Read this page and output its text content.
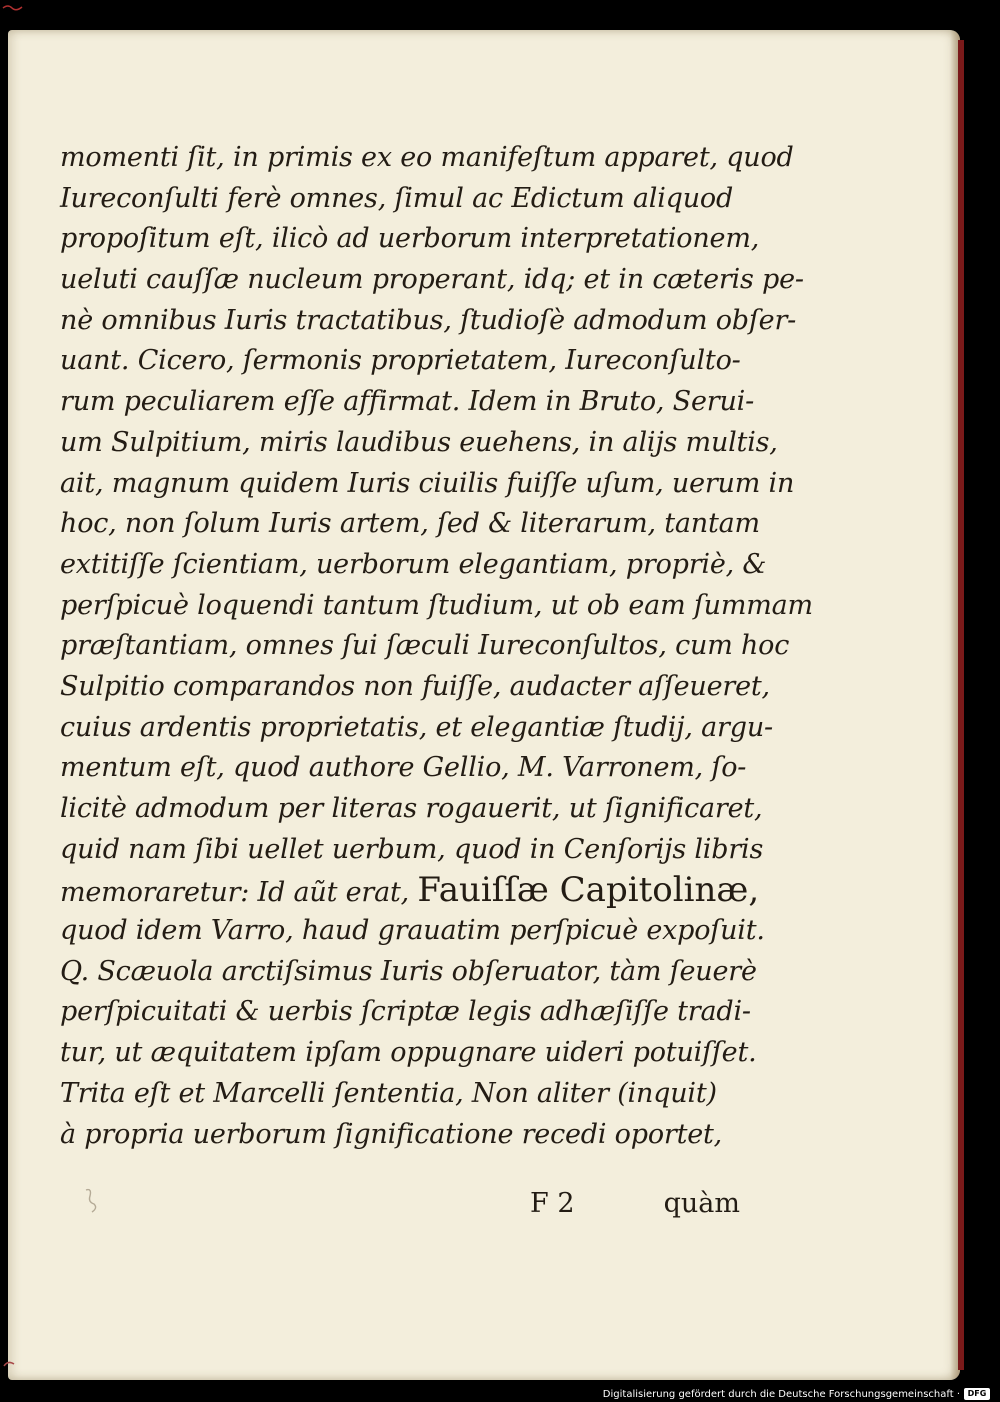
momenti ſit, in primis ex eo manifeſtum apparet, quod
Iureconſulti ferè omnes, ſimul ac Edictum aliquod
propoſitum eſt, ilicò ad uerborum interpretationem,
ueluti cauſſæ nucleum properant, idq; et in cæteris pe-
nè omnibus Iuris tractatibus, ſtudioſè admodum obſer-
uant. Cicero, ſermonis proprietatem, Iureconſulto-
rum peculiarem eſſe affirmat. Idem in Bruto, Serui-
um Sulpitium, miris laudibus euehens, in alijs multis,
ait, magnum quidem Iuris ciuilis fuiſſe uſum, uerum in
hoc, non ſolum Iuris artem, ſed & literarum, tantam
extitiſſe ſcientiam, uerborum elegantiam, propriè, &
perſpicuè loquendi tantum ſtudium, ut ob eam ſummam
præſtantiam, omnes ſui ſæculi Iureconſultos, cum hoc
Sulpitio comparandos non fuiſſe, audacter aſſeueret,
cuius ardentis proprietatis, et elegantiæ ſtudij, argu-
mentum eſt, quod authore Gellio, M. Varronem, ſo-
licitè admodum per literas rogauerit, ut ſignificaret,
quid nam ſibi uellet uerbum, quod in Cenſorijs libris
memoraretur: Id aũt erat, Fauiſſæ Capitolinæ,
quod idem Varro, haud grauatim perſpicuè expoſuit.
Q. Scæuola arctiſsimus Iuris obſeruator, tàm ſeuerè
perſpicuitati & uerbis ſcriptæ legis adhæſiſſe tradi-
tur, ut æquitatem ipſam oppugnare uideri potuiſſet.
Trita eſt et Marcelli ſententia, Non aliter (inquit)
à propria uerborum ſignificatione recedi oportet,
F 2	quàm
Digitalisierung gefördert durch die Deutsche Forschungsgemeinschaft · DFG
